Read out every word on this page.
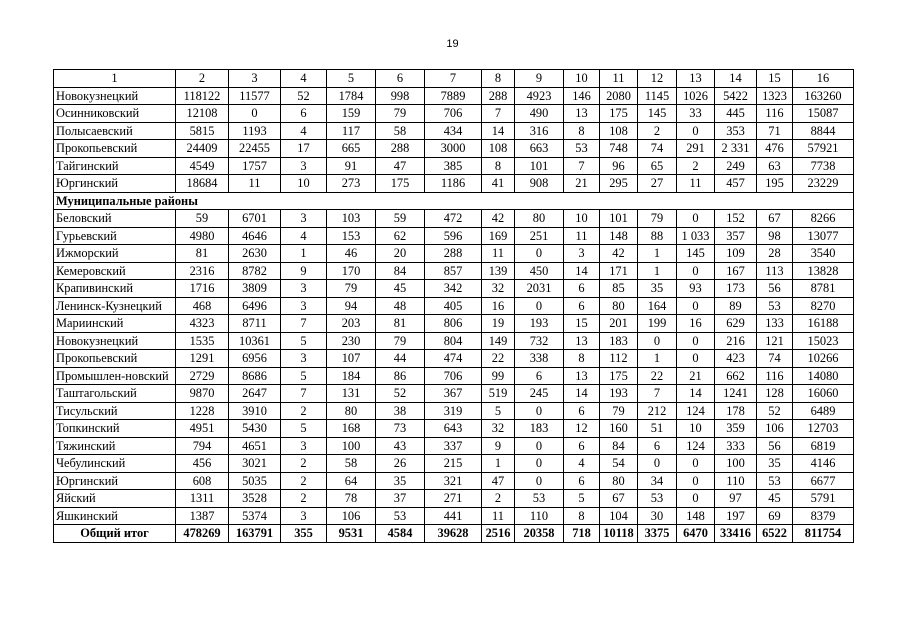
19
1	2	3	4	5	6	7	8	9	10	11	12	13	14	15	16
Новокузнецкий	118122	11577	52	1784	998	7889	288	4923	146	2080	1145	1026	5422	1323	163260
Осинниковский	12108	0	6	159	79	706	7	490	13	175	145	33	445	116	15087
Полысаевский	5815	1193	4	117	58	434	14	316	8	108	2	0	353	71	8844
Прокопьевский	24409	22455	17	665	288	3000	108	663	53	748	74	291	2 331	476	57921
Тайгинский	4549	1757	3	91	47	385	8	101	7	96	65	2	249	63	7738
Юргинский	18684	11	10	273	175	1186	41	908	21	295	27	11	457	195	23229
Муниципальные районы															
Беловский	59	6701	3	103	59	472	42	80	10	101	79	0	152	67	8266
Гурьевский	4980	4646	4	153	62	596	169	251	11	148	88	1 033	357	98	13077
Ижморский	81	2630	1	46	20	288	11	0	3	42	1	145	109	28	3540
Кемеровский	2316	8782	9	170	84	857	139	450	14	171	1	0	167	113	13828
Крапивинский	1716	3809	3	79	45	342	32	2031	6	85	35	93	173	56	8781
Ленинск-Кузнецкий	468	6496	3	94	48	405	16	0	6	80	164	0	89	53	8270
Мариинский	4323	8711	7	203	81	806	19	193	15	201	199	16	629	133	16188
Новокузнецкий	1535	10361	5	230	79	804	149	732	13	183	0	0	216	121	15023
Прокопьевский	1291	6956	3	107	44	474	22	338	8	112	1	0	423	74	10266
Промышлен-новский	2729	8686	5	184	86	706	99	6	13	175	22	21	662	116	14080
Таштагольский	9870	2647	7	131	52	367	519	245	14	193	7	14	1241	128	16060
Тисульский	1228	3910	2	80	38	319	5	0	6	79	212	124	178	52	6489
Топкинский	4951	5430	5	168	73	643	32	183	12	160	51	10	359	106	12703
Тяжинский	794	4651	3	100	43	337	9	0	6	84	6	124	333	56	6819
Чебулинский	456	3021	2	58	26	215	1	0	4	54	0	0	100	35	4146
Юргинский	608	5035	2	64	35	321	47	0	6	80	34	0	110	53	6677
Яйский	1311	3528	2	78	37	271	2	53	5	67	53	0	97	45	5791
Яшкинский	1387	5374	3	106	53	441	11	110	8	104	30	148	197	69	8379
Общий итог	478269	163791	355	9531	4584	39628	2516	20358	718	10118	3375	6470	33416	6522	811754
